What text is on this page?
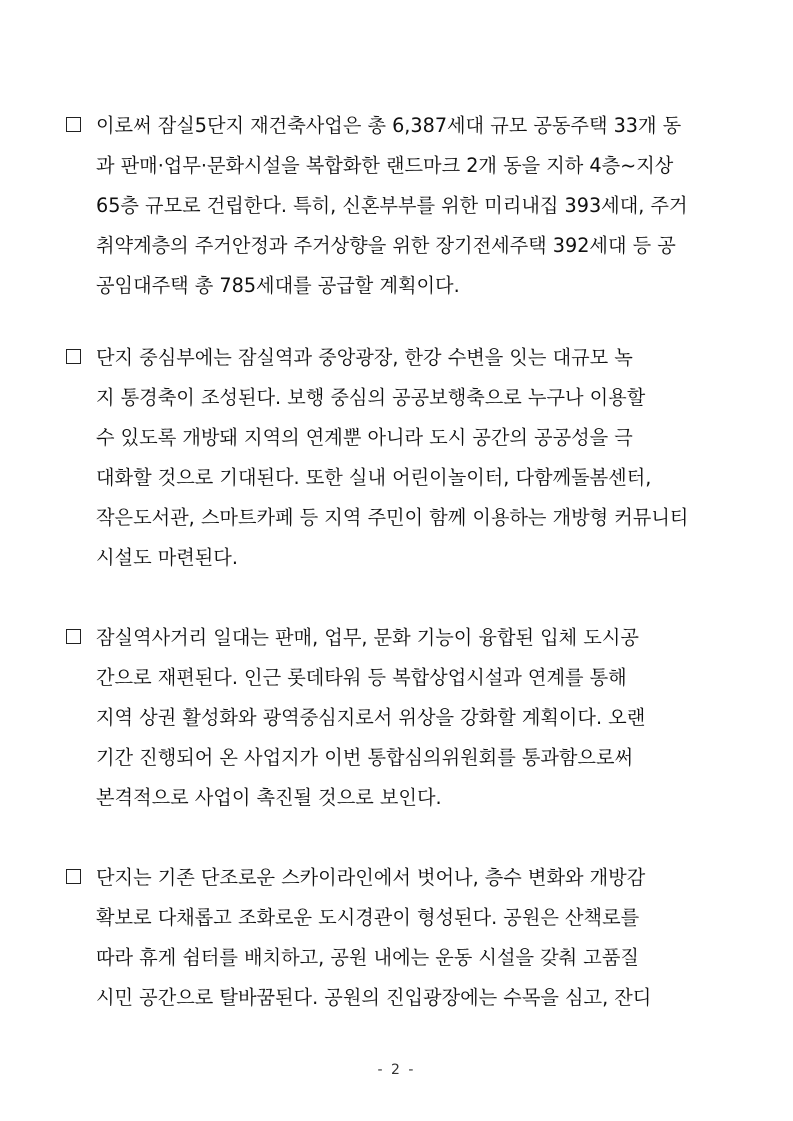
이로써 잠실5단지 재건축사업은 총 6,387세대 규모 공동주택 33개 동
과 판매·업무·문화시설을 복합화한 랜드마크 2개 동을 지하 4층~지상
65층 규모로 건립한다. 특히, 신혼부부를 위한 미리내집 393세대, 주거
취약계층의 주거안정과 주거상향을 위한 장기전세주택 392세대 등 공
공임대주택 총 785세대를 공급할 계획이다.
단지 중심부에는 잠실역과 중앙광장, 한강 수변을 잇는 대규모 녹
지 통경축이 조성된다. 보행 중심의 공공보행축으로 누구나 이용할
수 있도록 개방돼 지역의 연계뿐 아니라 도시 공간의 공공성을 극
대화할 것으로 기대된다. 또한 실내 어린이놀이터, 다함께돌봄센터,
작은도서관, 스마트카페 등 지역 주민이 함께 이용하는 개방형 커뮤니티
시설도 마련된다.
잠실역사거리 일대는 판매, 업무, 문화 기능이 융합된 입체 도시공
간으로 재편된다. 인근 롯데타워 등 복합상업시설과 연계를 통해
지역 상권 활성화와 광역중심지로서 위상을 강화할 계획이다. 오랜
기간 진행되어 온 사업지가 이번 통합심의위원회를 통과함으로써
본격적으로 사업이 촉진될 것으로 보인다.
단지는 기존 단조로운 스카이라인에서 벗어나, 층수 변화와 개방감
확보로 다채롭고 조화로운 도시경관이 형성된다. 공원은 산책로를
따라 휴게 쉼터를 배치하고, 공원 내에는 운동 시설을 갖춰 고품질
시민 공간으로 탈바꿈된다. 공원의 진입광장에는 수목을 심고, 잔디
- 2 -
